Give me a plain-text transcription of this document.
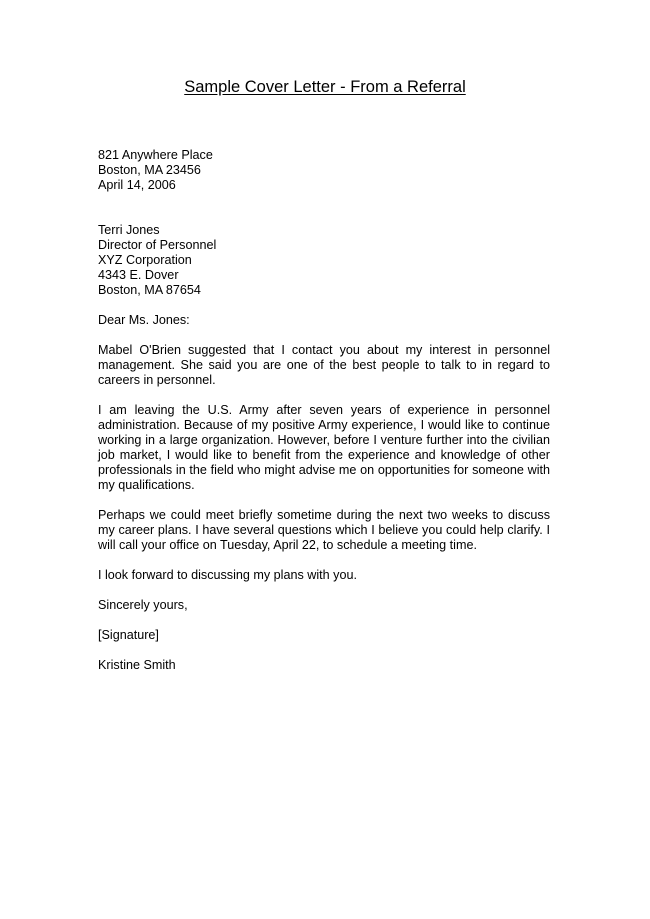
Sample Cover Letter - From a Referral
821 Anywhere Place
Boston, MA 23456
April 14, 2006
Terri Jones
Director of Personnel
XYZ Corporation
4343 E. Dover
Boston, MA 87654

Dear Ms. Jones:

Mabel O'Brien suggested that I contact you about my interest in personnel management. She said you are one of the best people to talk to in regard to careers in personnel.

I am leaving the U.S. Army after seven years of experience in personnel administration. Because of my positive Army experience, I would like to continue working in a large organization. However, before I venture further into the civilian job market, I would like to benefit from the experience and knowledge of other professionals in the field who might advise me on opportunities for someone with my qualifications.

Perhaps we could meet briefly sometime during the next two weeks to discuss my career plans. I have several questions which I believe you could help clarify. I will call your office on Tuesday, April 22, to schedule a meeting time.

I look forward to discussing my plans with you.

Sincerely yours,

[Signature]

Kristine Smith
